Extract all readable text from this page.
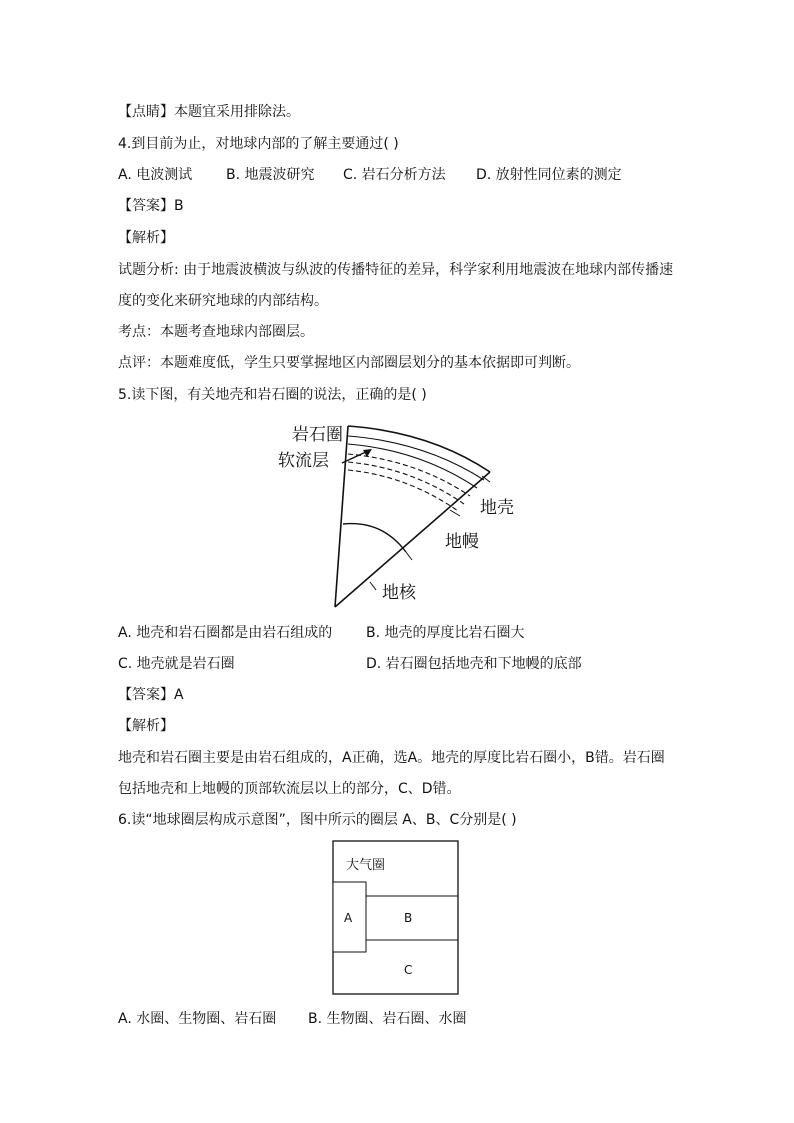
【点睛】本题宜采用排除法。
4.到目前为止，对地球内部的了解主要通过( )
A. 电波测试 B. 地震波研究 C. 岩石分析方法 D. 放射性同位素的测定
【答案】B
【解析】
试题分析: 由于地震波横波与纵波的传播特征的差异，科学家利用地震波在地球内部传播速
度的变化来研究地球的内部结构。
考点：本题考查地球内部圈层。
点评：本题难度低，学生只要掌握地区内部圈层划分的基本依据即可判断。
5.读下图，有关地壳和岩石圈的说法，正确的是( )
岩石圈
软流层
地壳
地幔
地核
A. 地壳和岩石圈都是由岩石组成的 B. 地壳的厚度比岩石圈大
C. 地壳就是岩石圈	D. 岩石圈包括地壳和下地幔的底部
【答案】A
【解析】
地壳和岩石圈主要是由岩石组成的，A正确，选A。地壳的厚度比岩石圈小，B错。岩石圈
包括地壳和上地幔的顶部软流层以上的部分，C、D错。
6.读“地球圈层构成示意图”，图中所示的圈层 A、B、C分别是( )
大气圈
A	B
C
A. 水圈、生物圈、岩石圈 B. 生物圈、岩石圈、水圈
